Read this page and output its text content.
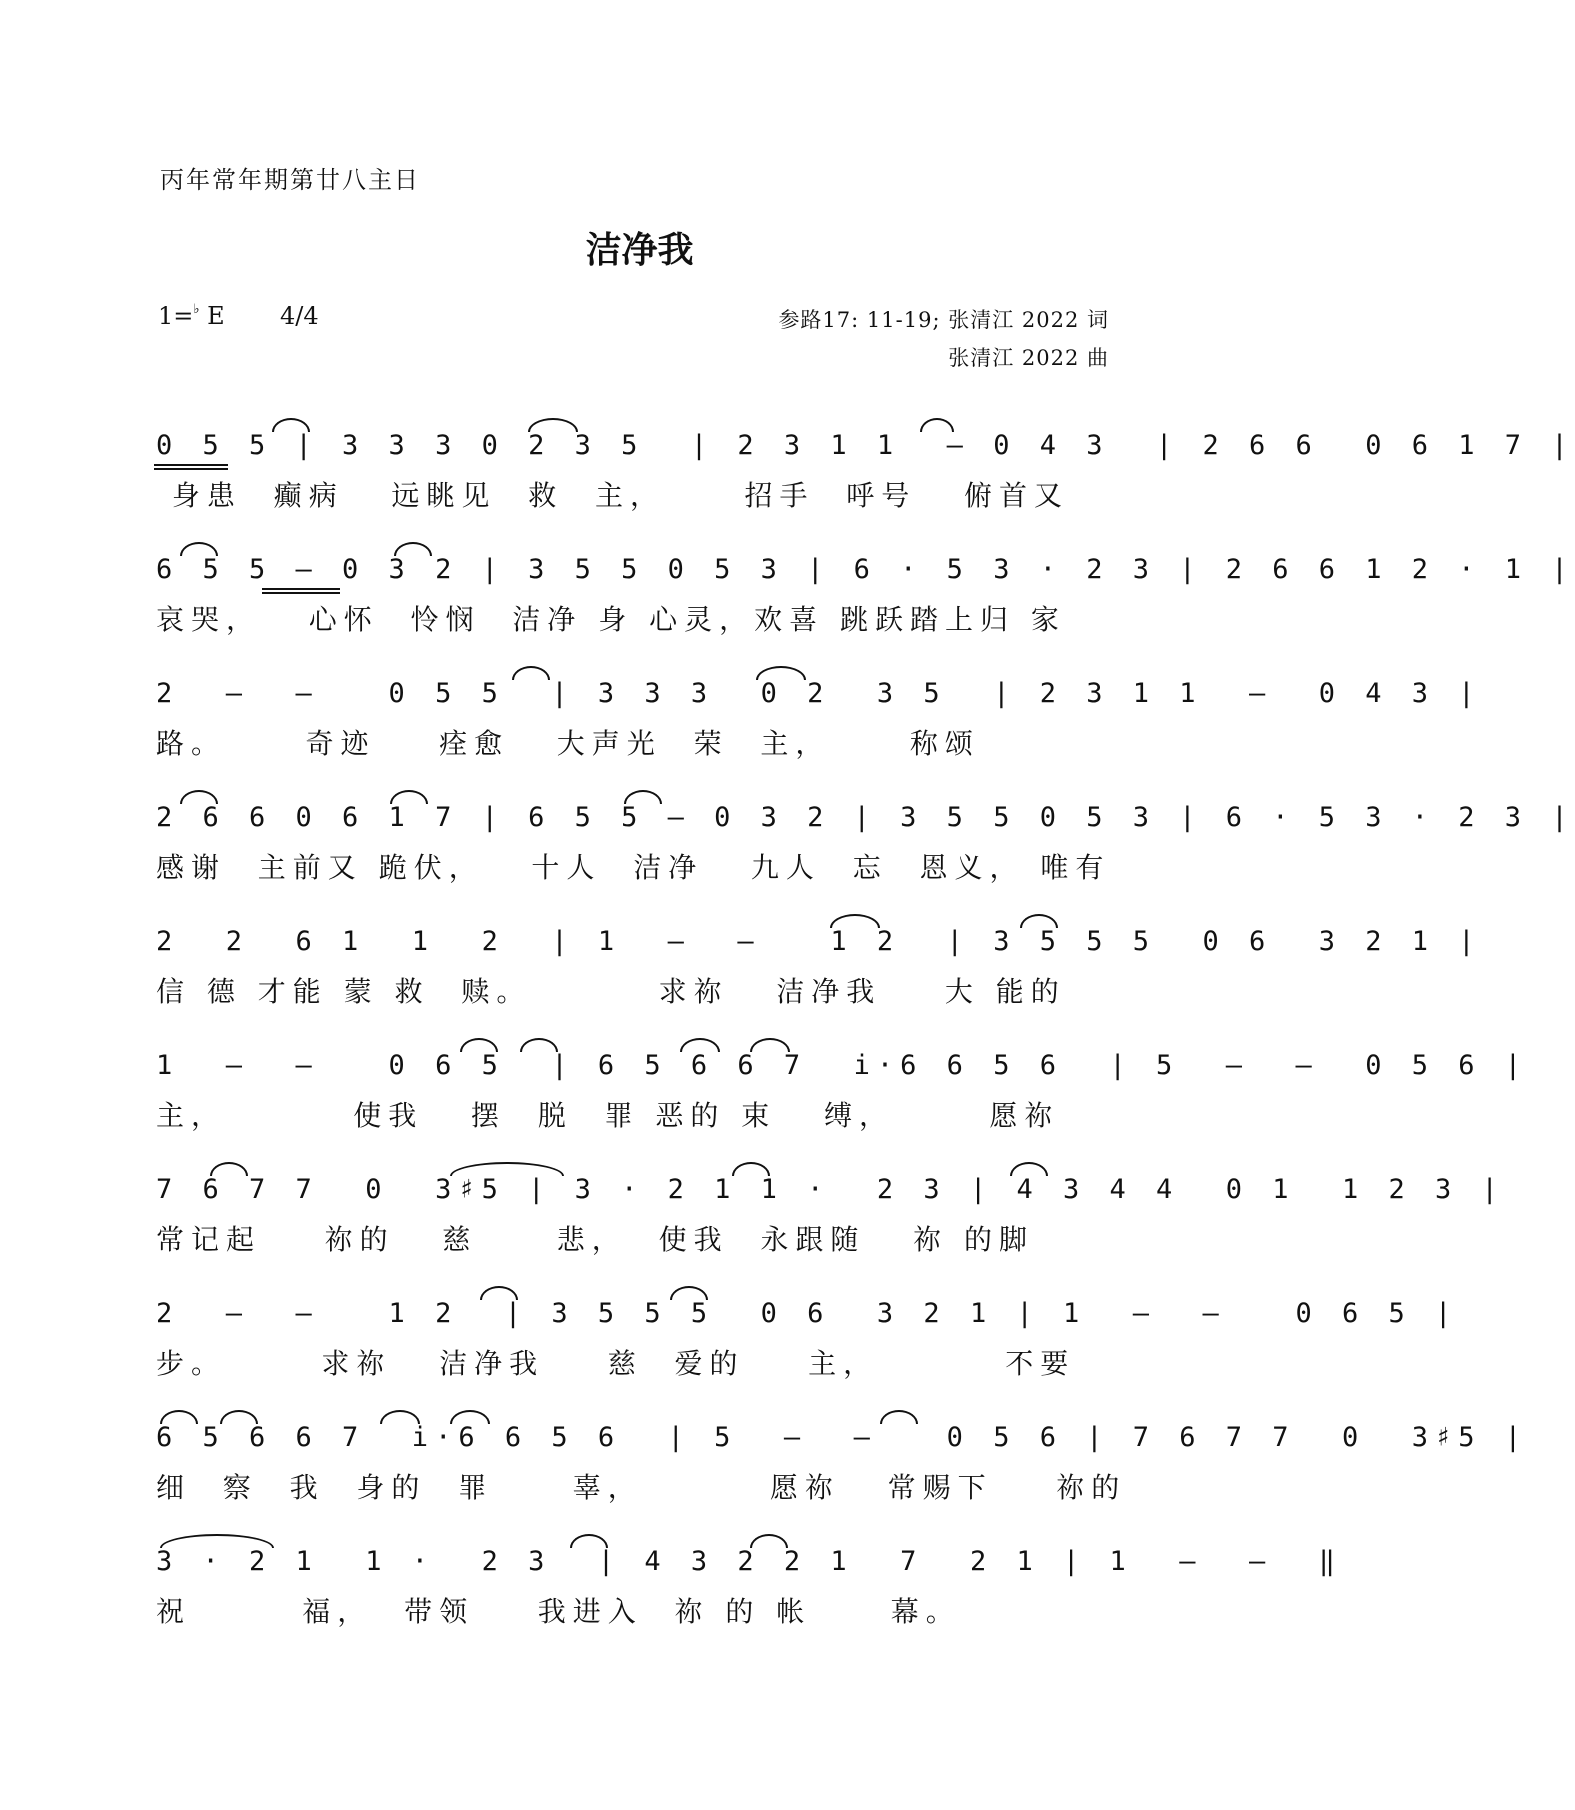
丙年常年期第廿八主日
洁净我
1=♭ E 4/4	参路17: 11-19; 张清江 2022 词
张清江 2022 曲
0 5 5 | 3 3 3 0 2 3 5  | 2 3 1 1  – 0 4 3  | 2 6 6  0 6 1 7 |
身患  癫病   远眺见  救  主，     招手  呼号   俯首又
6 5 5 – 0 3 2 | 3 5 5 0 5 3 | 6 · 5 3 · 2 3 | 2 6 6 1 2 · 1 |
哀哭，   心怀  怜悯  洁净 身 心灵，欢喜 跳跃踏上归 家
2  –  –   0 5 5  | 3 3 3  0 2  3 5  | 2 3 1 1  –  0 4 3 |
路。     奇迹    痊愈   大声光  荣  主，     称颂
2 6 6 0 6 1 7 | 6 5 5 – 0 3 2 | 3 5 5 0 5 3 | 6 · 5 3 · 2 3 |
感谢  主前又 跪伏，   十人  洁净   九人  忘  恩义， 唯有
2  2  6 1  1  2  | 1  –  –   1 2  | 3 5 5 5  0 6  3 2 1 |
信 德 才能 蒙 救  赎。        求祢   洁净我    大 能的
1  –  –   0 6 5  | 6 5 6 6 7  i·6 6 5 6  | 5  –  –  0 5 6 |
主，        使我   摆  脱  罪 恶的 束   缚，      愿祢
7 6 7 7  0  3♯5 | 3 · 2 1 1 ·  2 3 | 4 3 4 4  0 1  1 2 3 |
常记起    祢的   慈     悲，  使我  永跟随   祢 的脚
2  –  –   1 2  | 3 5 5 5  0 6  3 2 1 | 1  –  –   0 6 5 |
步。      求祢   洁净我    慈  爱的    主，        不要
6 5 6 6 7  i·6 6 5 6  | 5  –  –   0 5 6 | 7 6 7 7  0  3♯5 |
细  察  我  身的  罪     辜，        愿祢   常赐下    祢的
3 · 2 1  1 ·  2 3  | 4 3 2 2 1  7  2 1 | 1  –  –  ‖
祝       福，  带领    我进入  祢 的 帐     幕。
